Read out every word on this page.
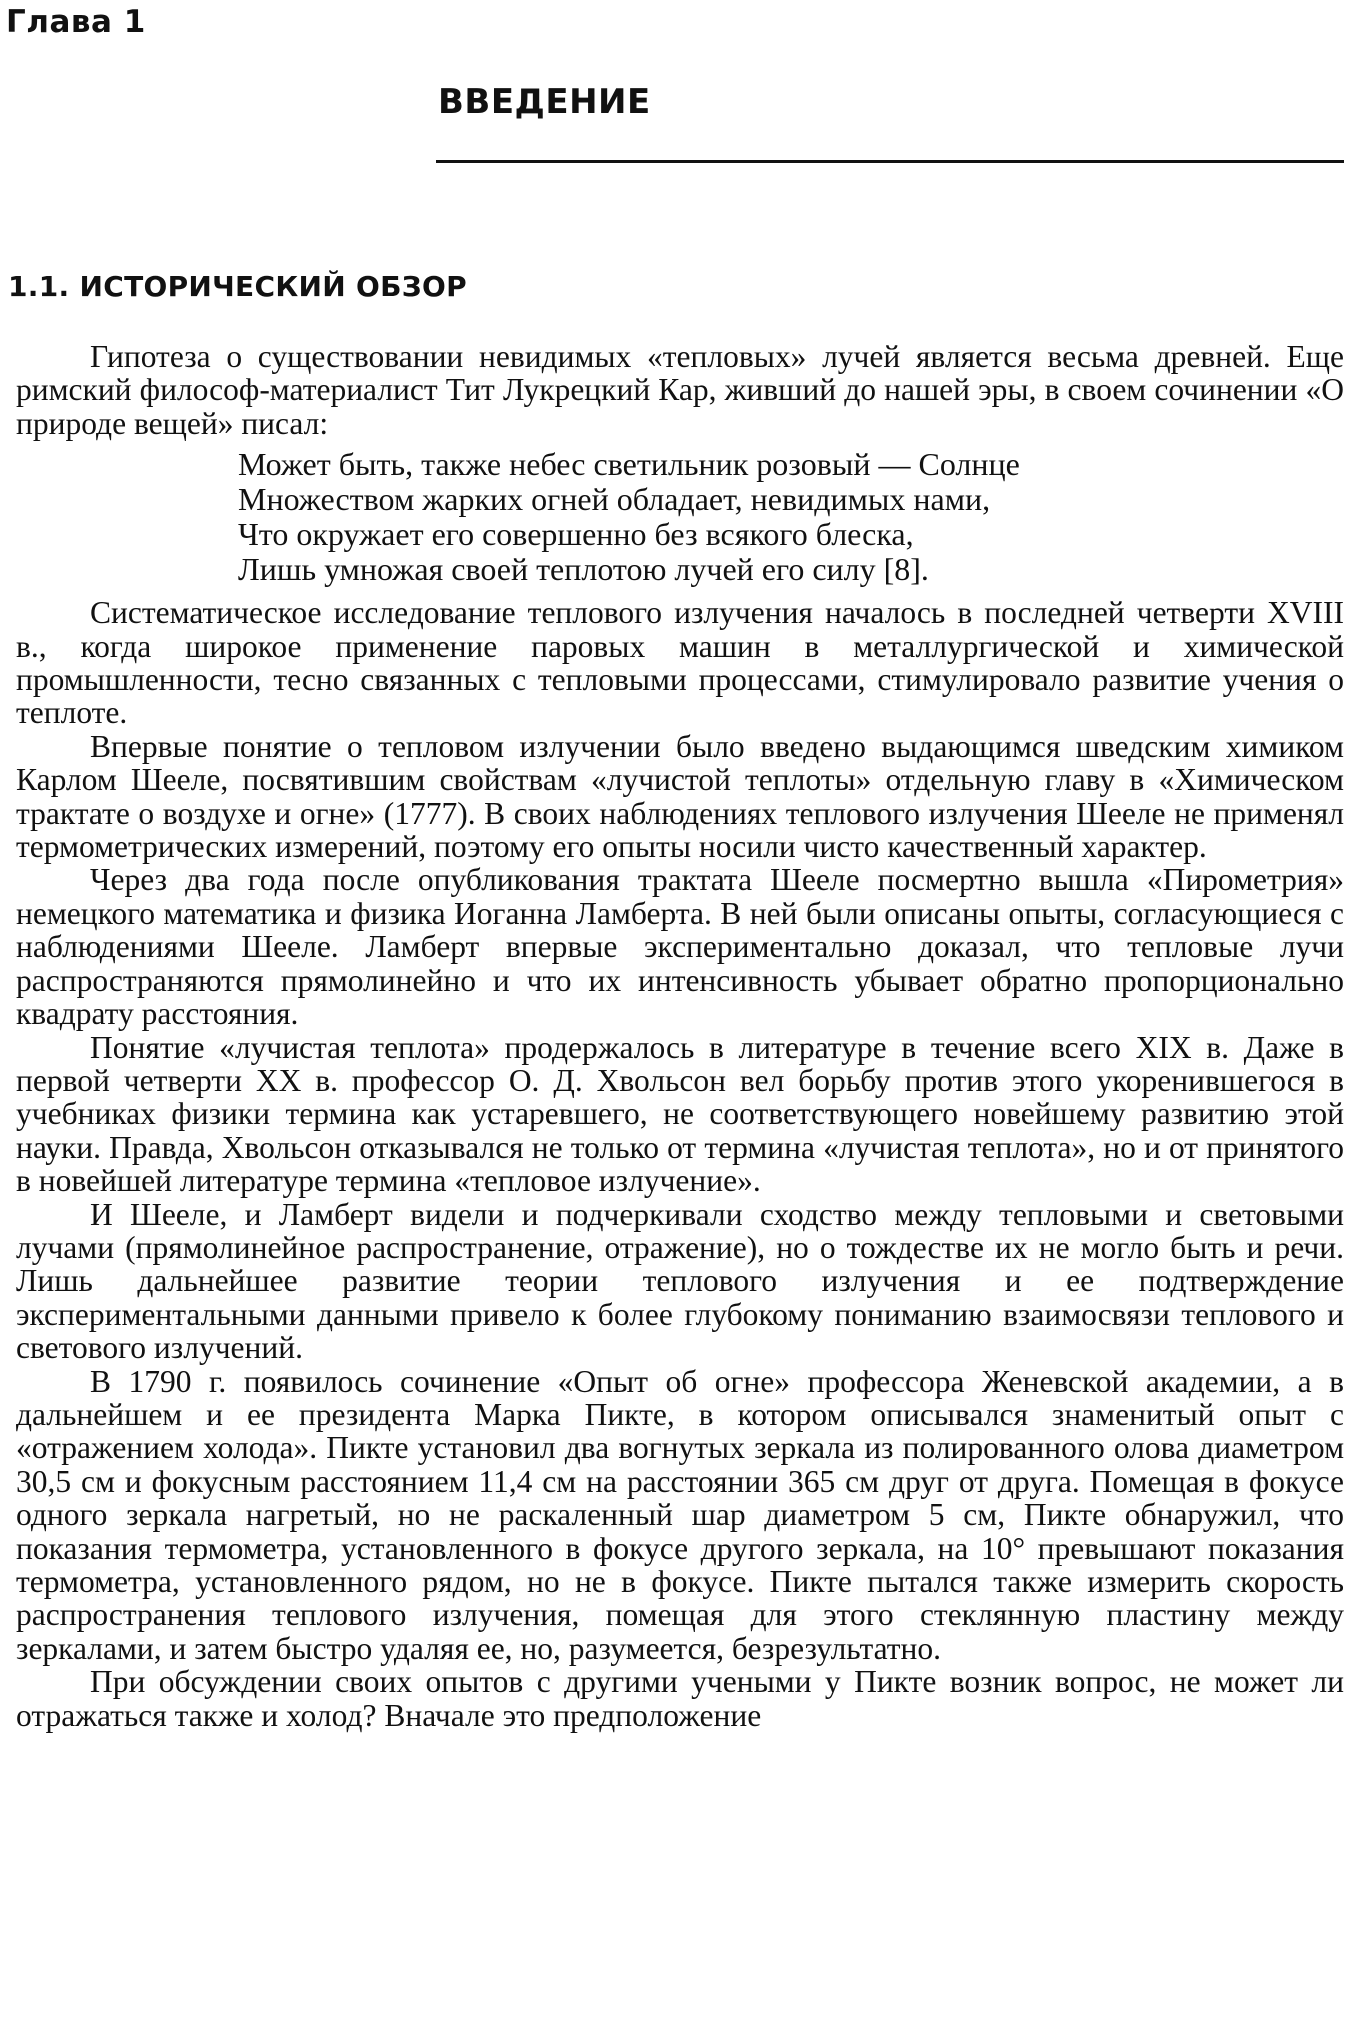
Глава 1
ВВЕДЕНИЕ
1.1. ИСТОРИЧЕСКИЙ ОБЗОР

Гипотеза о существовании невидимых «тепловых» лучей является весьма древней. Еще римский философ-материалист Тит Лукрецкий Кар, живший до нашей эры, в своем сочинении «О природе вещей» писал:

Может быть, также небес светильник розовый — Солнце
Множеством жарких огней обладает, невидимых нами,
Что окружает его совершенно без всякого блеска,
Лишь умножая своей теплотою лучей его силу [8].

Систематическое исследование теплового излучения началось в последней четверти XVIII в., когда широкое применение паровых машин в металлургической и химической промышленности, тесно связанных с тепловыми процессами, стимулировало развитие учения о теплоте.

Впервые понятие о тепловом излучении было введено выдающимся шведским химиком Карлом Шееле, посвятившим свойствам «лучистой теплоты» отдельную главу в «Химическом трактате о воздухе и огне» (1777). В своих наблюдениях теплового излучения Шееле не применял термометрических измерений, поэтому его опыты носили чисто качественный характер.

Через два года после опубликования трактата Шееле посмертно вышла «Пирометрия» немецкого математика и физика Иоганна Ламберта. В ней были описаны опыты, согласующиеся с наблюдениями Шееле. Ламберт впервые экспериментально доказал, что тепловые лучи распространяются прямолинейно и что их интенсивность убывает обратно пропорционально квадрату расстояния.

Понятие «лучистая теплота» продержалось в литературе в течение всего XIX в. Даже в первой четверти XX в. профессор О. Д. Хвольсон вел борьбу против этого укоренившегося в учебниках физики термина как устаревшего, не соответствующего новейшему развитию этой науки. Правда, Хвольсон отказывался не только от термина «лучистая теплота», но и от принятого в новейшей литературе термина «тепловое излучение».

И Шееле, и Ламберт видели и подчеркивали сходство между тепловыми и световыми лучами (прямолинейное распространение, отражение), но о тождестве их не могло быть и речи. Лишь дальнейшее развитие теории теплового излучения и ее подтверждение экспериментальными данными привело к более глубокому пониманию взаимосвязи теплового и светового излучений.

В 1790 г. появилось сочинение «Опыт об огне» профессора Женевской академии, а в дальнейшем и ее президента Марка Пикте, в котором описывался знаменитый опыт с «отражением холода». Пикте установил два вогнутых зеркала из полированного олова диаметром 30,5 см и фокусным расстоянием 11,4 см на расстоянии 365 см друг от друга. Помещая в фокусе одного зеркала нагретый, но не раскаленный шар диаметром 5 см, Пикте обнаружил, что показания термометра, установленного в фокусе другого зеркала, на 10° превышают показания термометра, установленного рядом, но не в фокусе. Пикте пытался также измерить скорость распространения теплового излучения, помещая для этого стеклянную пластину между зеркалами, и затем быстро удаляя ее, но, разумеется, безрезультатно.

При обсуждении своих опытов с другими учеными у Пикте возник вопрос, не может ли отражаться также и холод? Вначале это предположение
